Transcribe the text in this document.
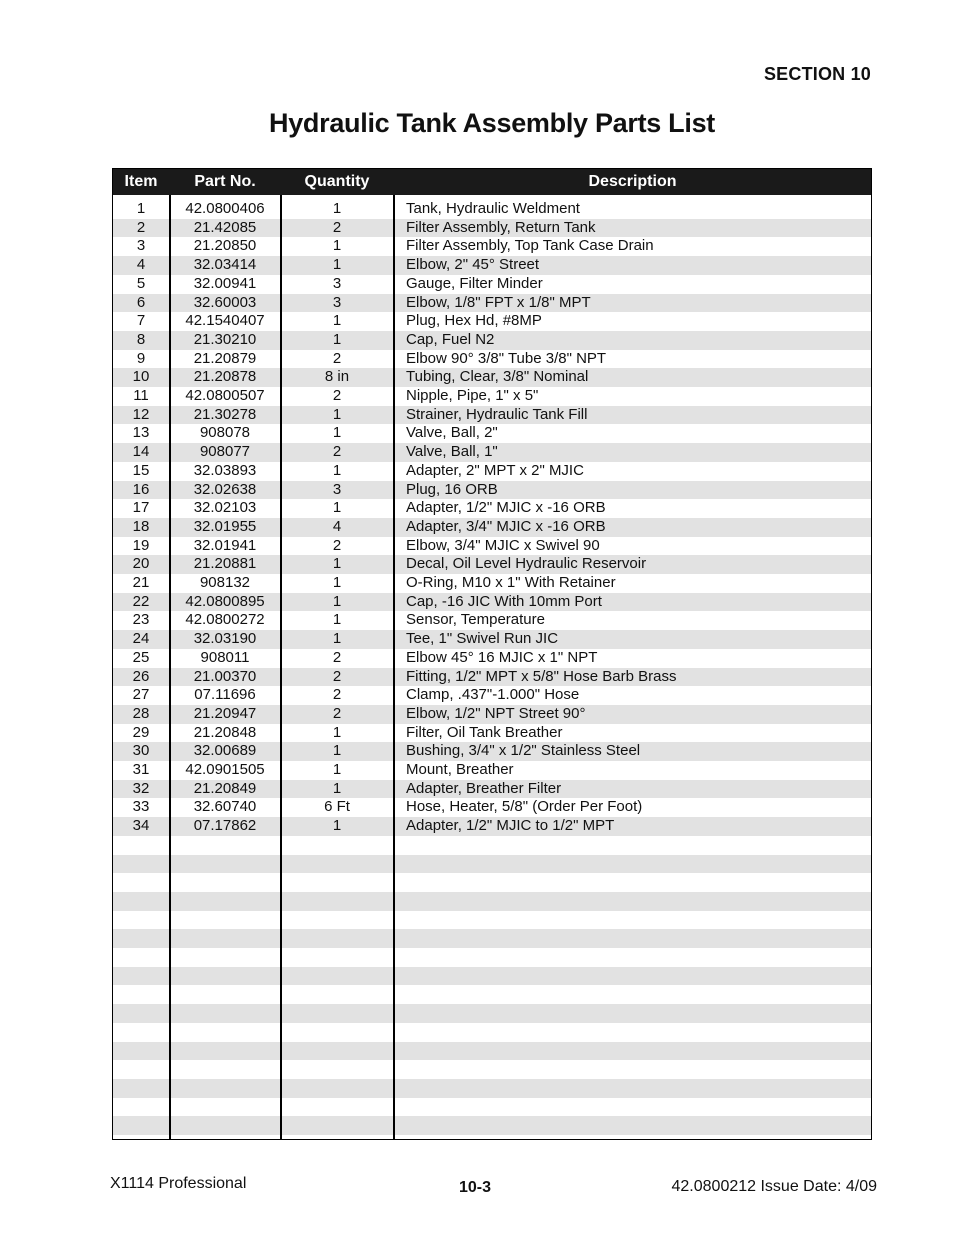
SECTION 10
Hydraulic Tank Assembly Parts List
Item	Part No.	Quantity	Description
1	42.0800406	1	Tank, Hydraulic Weldment
2	21.42085	2	Filter Assembly, Return Tank
3	21.20850	1	Filter Assembly, Top Tank Case Drain
4	32.03414	1	Elbow, 2" 45° Street
5	32.00941	3	Gauge, Filter Minder
6	32.60003	3	Elbow, 1/8" FPT x 1/8" MPT
7	42.1540407	1	Plug, Hex Hd, #8MP
8	21.30210	1	Cap, Fuel N2
9	21.20879	2	Elbow 90° 3/8" Tube 3/8" NPT
10	21.20878	8 in	Tubing, Clear, 3/8" Nominal
11	42.0800507	2	Nipple, Pipe, 1" x 5"
12	21.30278	1	Strainer, Hydraulic Tank Fill
13	908078	1	Valve, Ball, 2"
14	908077	2	Valve, Ball, 1"
15	32.03893	1	Adapter, 2" MPT x 2" MJIC
16	32.02638	3	Plug, 16 ORB
17	32.02103	1	Adapter, 1/2" MJIC x -16 ORB
18	32.01955	4	Adapter, 3/4" MJIC x -16 ORB
19	32.01941	2	Elbow, 3/4" MJIC x Swivel 90
20	21.20881	1	Decal, Oil Level Hydraulic Reservoir
21	908132	1	O-Ring, M10 x 1" With Retainer
22	42.0800895	1	Cap, -16 JIC With 10mm Port
23	42.0800272	1	Sensor, Temperature
24	32.03190	1	Tee, 1" Swivel Run JIC
25	908011	2	Elbow 45° 16 MJIC x 1" NPT
26	21.00370	2	Fitting, 1/2" MPT x 5/8" Hose Barb Brass
27	07.11696	2	Clamp, .437"-1.000" Hose
28	21.20947	2	Elbow, 1/2" NPT Street 90°
29	21.20848	1	Filter, Oil Tank Breather
30	32.00689	1	Bushing, 3/4" x 1/2" Stainless Steel
31	42.0901505	1	Mount, Breather
32	21.20849	1	Adapter, Breather Filter
33	32.60740	6 Ft	Hose, Heater, 5/8" (Order Per Foot)
34	07.17862	1	Adapter, 1/2" MJIC to 1/2" MPT
X1114 Professional	10-3	42.0800212 Issue Date: 4/09
